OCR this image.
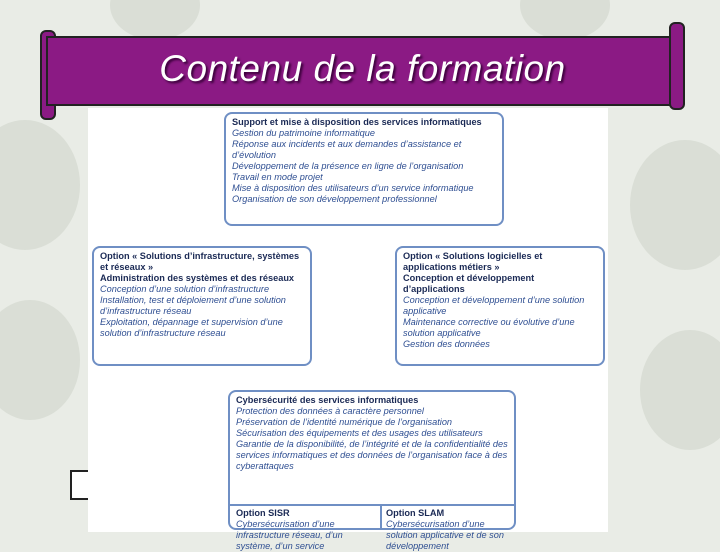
Contenu de la formation
Support et mise à disposition des services informatiques
Gestion du patrimoine informatique
Réponse aux incidents et aux demandes d’assistance et d’évolution
Développement de la présence en ligne de l’organisation
Travail en mode projet
Mise à disposition des utilisateurs d’un service informatique
Organisation de son développement professionnel
Option « Solutions d’infrastructure, systèmes et réseaux »
Administration des systèmes et des réseaux
Conception d’une solution d’infrastructure
Installation, test et déploiement d’une solution d’infrastructure réseau
Exploitation, dépannage et supervision d’une solution d’infrastructure réseau
Option « Solutions logicielles et applications métiers »
Conception et développement d’applications
Conception et développement d’une solution applicative
Maintenance corrective ou évolutive d’une solution applicative
Gestion des données
Cybersécurité des services informatiques
Protection des données à caractère personnel
Préservation de l’identité numérique de l’organisation
Sécurisation des équipements et des usages des utilisateurs
Garantie de la disponibilité, de l’intégrité et de la confidentialité des services informatiques et des données de l’organisation face à des cyberattaques
Option SISR
Cybersécurisation d’une infrastructure réseau, d’un système, d’un service
Option SLAM
Cybersécurisation d’une solution applicative et de son développement
